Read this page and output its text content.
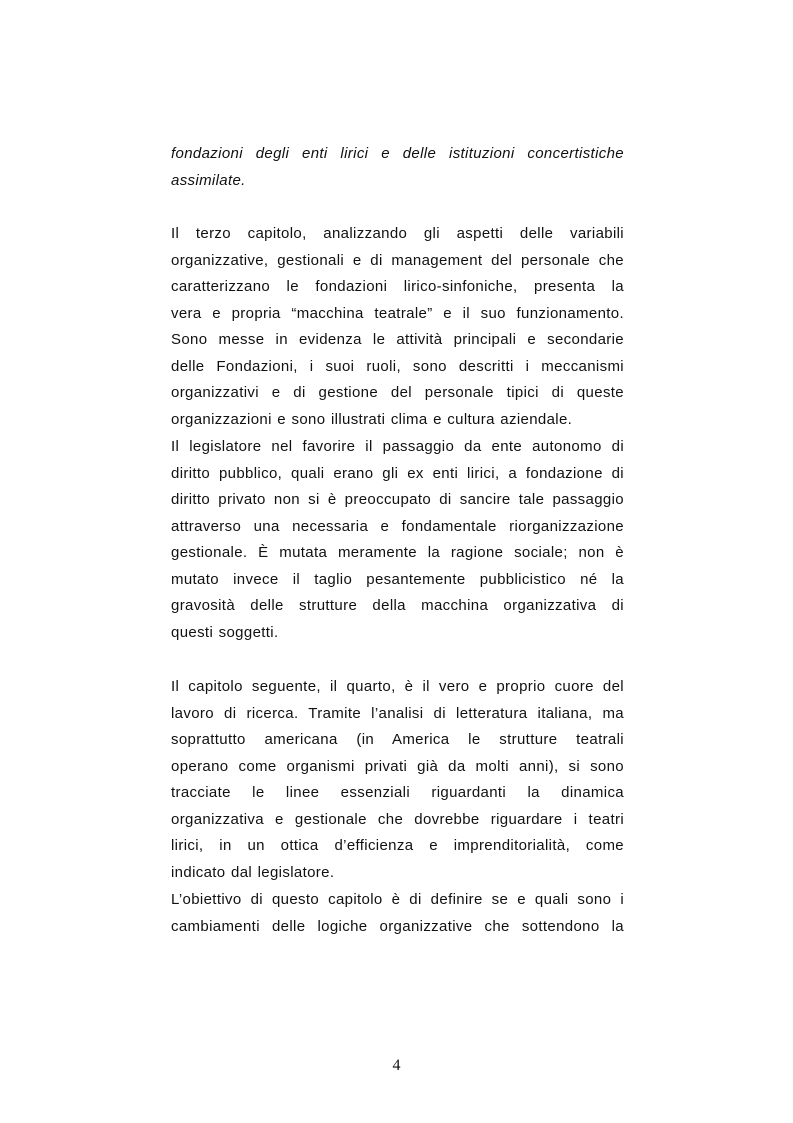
fondazioni degli enti lirici e delle istituzioni concertistiche
assimilate.
Il terzo capitolo, analizzando gli aspetti delle variabili
organizzative, gestionali e di management del personale che
caratterizzano le fondazioni lirico-sinfoniche, presenta la
vera e propria “macchina teatrale” e il suo funzionamento.
Sono messe in evidenza le attività principali e secondarie
delle Fondazioni, i suoi ruoli, sono descritti i meccanismi
organizzativi e di gestione del personale tipici di queste
organizzazioni e sono illustrati clima e cultura aziendale.
Il legislatore nel favorire il passaggio da ente autonomo di
diritto pubblico, quali erano gli ex enti lirici, a fondazione di
diritto privato non si è preoccupato di sancire tale passaggio
attraverso una necessaria e fondamentale riorganizzazione
gestionale. È mutata meramente la ragione sociale; non è
mutato invece il taglio pesantemente pubblicistico né la
gravosità delle strutture della macchina organizzativa di
questi soggetti.
Il capitolo seguente, il quarto, è il vero e proprio cuore del
lavoro di ricerca. Tramite l’analisi di letteratura italiana, ma
soprattutto americana (in America le strutture teatrali
operano come organismi privati già da molti anni), si sono
tracciate le linee essenziali riguardanti la dinamica
organizzativa e gestionale che dovrebbe riguardare i teatri
lirici, in un ottica d’efficienza e imprenditorialità, come
indicato dal legislatore.
L’obiettivo di questo capitolo è di definire se e quali sono i
cambiamenti delle logiche organizzative che sottendono la
4
